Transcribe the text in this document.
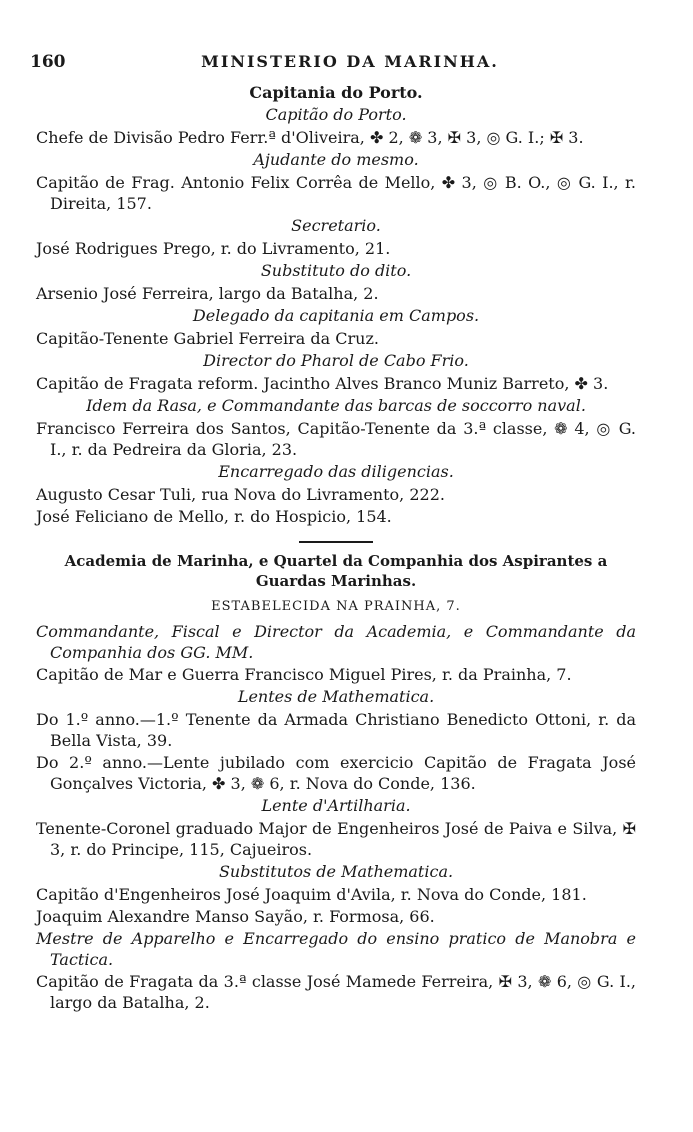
160	MINISTERIO DA MARINHA.
Capitania do Porto.
Capitão do Porto.
Chefe de Divisão Pedro Ferr.ª d'Oliveira, ✤ 2, ❁ 3, ✠ 3, ◎ G. I.; ✠ 3.
Ajudante do mesmo.
Capitão de Frag. Antonio Felix Corrêa de Mello, ✤ 3, ◎ B. O., ◎ G. I., r. Direita, 157.
Secretario.
José Rodrigues Prego, r. do Livramento, 21.
Substituto do dito.
Arsenio José Ferreira, largo da Batalha, 2.
Delegado da capitania em Campos.
Capitão-Tenente Gabriel Ferreira da Cruz.
Director do Pharol de Cabo Frio.
Capitão de Fragata reform. Jacintho Alves Branco Muniz Barreto, ✤ 3.
Idem da Rasa, e Commandante das barcas de soccorro naval.
Francisco Ferreira dos Santos, Capitão-Tenente da 3.ª classe, ❁ 4, ◎ G. I., r. da Pedreira da Gloria, 23.
Encarregado das diligencias.
Augusto Cesar Tuli, rua Nova do Livramento, 222.
José Feliciano de Mello, r. do Hospicio, 154.
Academia de Marinha, e Quartel da Companhia dos Aspirantes a Guardas Marinhas.
ESTABELECIDA NA PRAINHA, 7.
Commandante, Fiscal e Director da Academia, e Commandante da Companhia dos GG. MM.
Capitão de Mar e Guerra Francisco Miguel Pires, r. da Prainha, 7.
Lentes de Mathematica.
Do 1.º anno.—1.º Tenente da Armada Christiano Benedicto Ottoni, r. da Bella Vista, 39.
Do 2.º anno.—Lente jubilado com exercicio Capitão de Fragata José Gonçalves Victoria, ✤ 3, ❁ 6, r. Nova do Conde, 136.
Lente d'Artilharia.
Tenente-Coronel graduado Major de Engenheiros José de Paiva e Silva, ✠ 3, r. do Principe, 115, Cajueiros.
Substitutos de Mathematica.
Capitão d'Engenheiros José Joaquim d'Avila, r. Nova do Conde, 181.
Joaquim Alexandre Manso Sayão, r. Formosa, 66.
Mestre de Apparelho e Encarregado do ensino pratico de Manobra e Tactica.
Capitão de Fragata da 3.ª classe José Mamede Ferreira, ✠ 3, ❁ 6, ◎ G. I., largo da Batalha, 2.
